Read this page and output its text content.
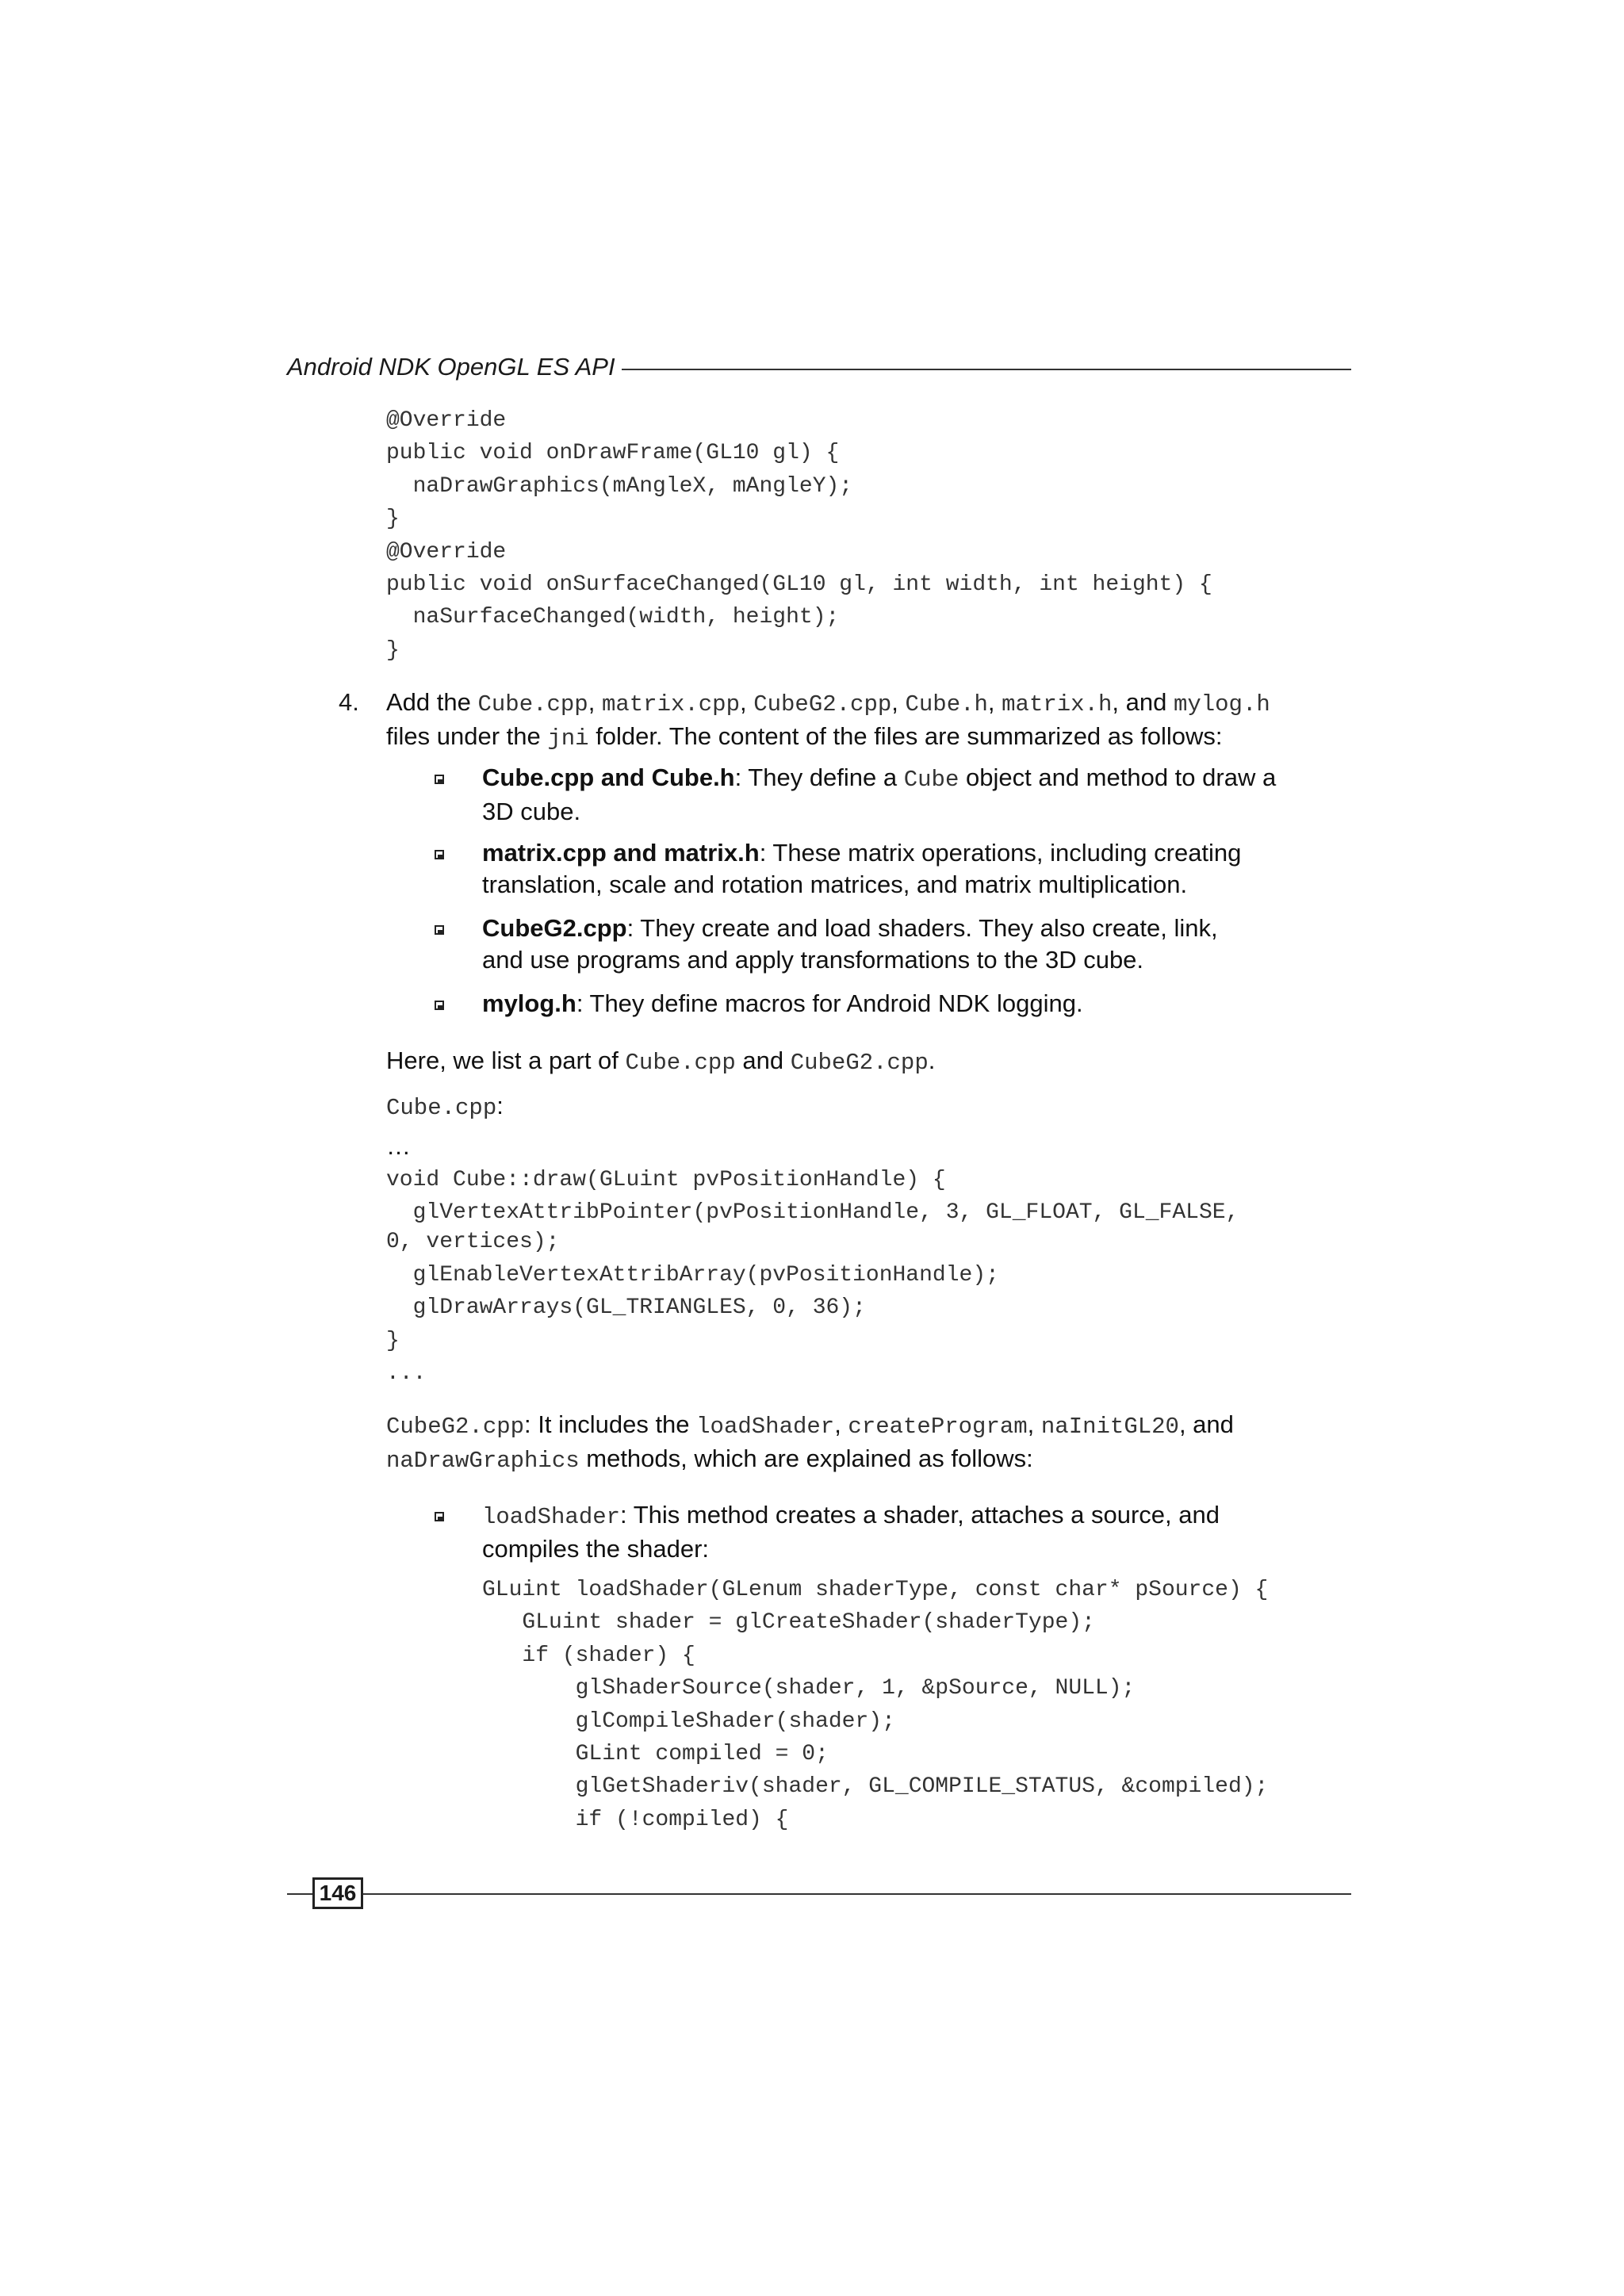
Android NDK OpenGL ES API
@Override
public void onDrawFrame(GL10 gl) {
naDrawGraphics(mAngleX, mAngleY);
}
@Override
public void onSurfaceChanged(GL10 gl, int width, int height) {
naSurfaceChanged(width, height);
}
4. Add the Cube.cpp, matrix.cpp, CubeG2.cpp, Cube.h, matrix.h, and mylog.h
files under the jni folder. The content of the files are summarized as follows:
Cube.cpp and Cube.h: They define a Cube object and method to draw a
3D cube.
matrix.cpp and matrix.h: These matrix operations, including creating
translation, scale and rotation matrices, and matrix multiplication.
CubeG2.cpp: They create and load shaders. They also create, link,
and use programs and apply transformations to the 3D cube.
mylog.h: They define macros for Android NDK logging.
Here, we list a part of Cube.cpp and CubeG2.cpp.
Cube.cpp:
…
void Cube::draw(GLuint pvPositionHandle) {
glVertexAttribPointer(pvPositionHandle, 3, GL_FLOAT, GL_FALSE,
0, vertices);
glEnableVertexAttribArray(pvPositionHandle);
glDrawArrays(GL_TRIANGLES, 0, 36);
}
...
CubeG2.cpp: It includes the loadShader, createProgram, naInitGL20, and
naDrawGraphics methods, which are explained as follows:
loadShader: This method creates a shader, attaches a source, and
compiles the shader:
GLuint loadShader(GLenum shaderType, const char* pSource) {
GLuint shader = glCreateShader(shaderType);
if (shader) {
glShaderSource(shader, 1, &pSource, NULL);
glCompileShader(shader);
GLint compiled = 0;
glGetShaderiv(shader, GL_COMPILE_STATUS, &compiled);
if (!compiled) {
146
